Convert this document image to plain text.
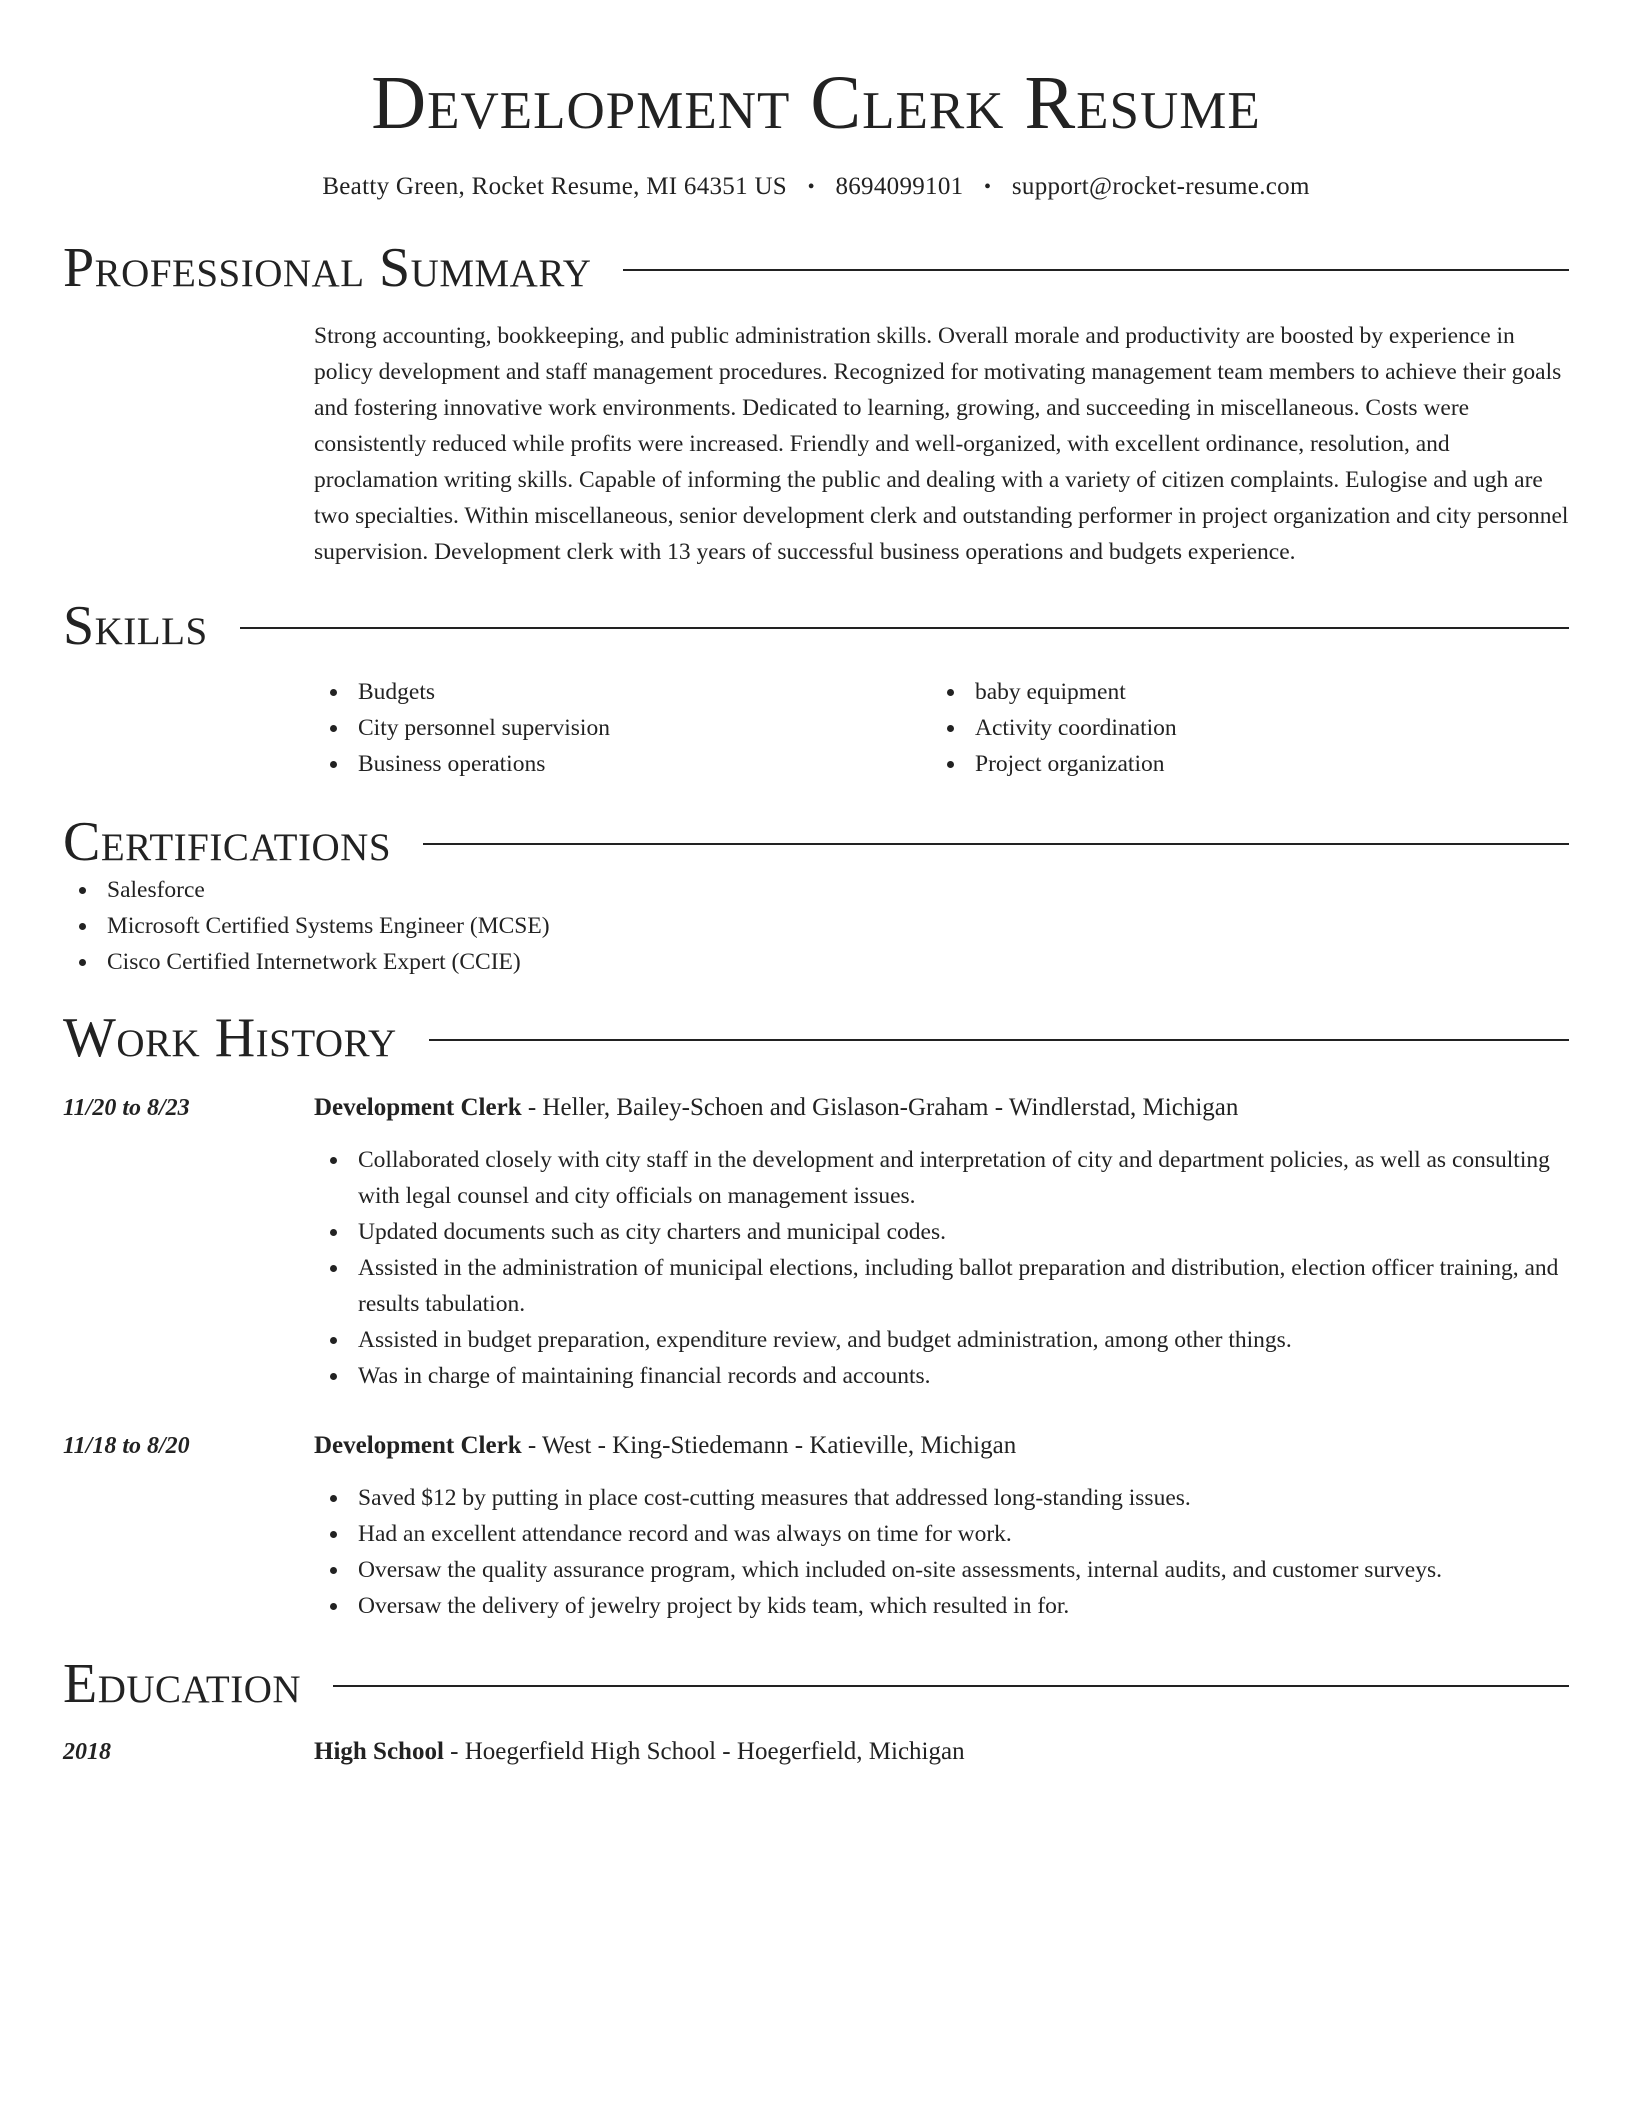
Development Clerk Resume
Beatty Green, Rocket Resume, MI 64351 US • 8694099101 • support@rocket-resume.com
Professional Summary

Strong accounting, bookkeeping, and public administration skills. Overall morale and productivity are boosted by experience in policy development and staff management procedures. Recognized for motivating management team members to achieve their goals and fostering innovative work environments. Dedicated to learning, growing, and succeeding in miscellaneous. Costs were consistently reduced while profits were increased. Friendly and well-organized, with excellent ordinance, resolution, and proclamation writing skills. Capable of informing the public and dealing with a variety of citizen complaints. Eulogise and ugh are two specialties. Within miscellaneous, senior development clerk and outstanding performer in project organization and city personnel supervision. Development clerk with 13 years of successful business operations and budgets experience.

Skills
Budgets
City personnel supervision
Business operations
baby equipment
Activity coordination
Project organization
Certifications
Salesforce
Microsoft Certified Systems Engineer (MCSE)
Cisco Certified Internetwork Expert (CCIE)
Work History
11/20 to 8/23	Development Clerk - Heller, Bailey-Schoen and Gislason-Graham - Windlerstad, Michigan
Collaborated closely with city staff in the development and interpretation of city and department policies, as well as consulting with legal counsel and city officials on management issues.
Updated documents such as city charters and municipal codes.
Assisted in the administration of municipal elections, including ballot preparation and distribution, election officer training, and results tabulation.
Assisted in budget preparation, expenditure review, and budget administration, among other things.
Was in charge of maintaining financial records and accounts.
11/18 to 8/20	Development Clerk - West - King-Stiedemann - Katieville, Michigan
Saved $12 by putting in place cost-cutting measures that addressed long-standing issues.
Had an excellent attendance record and was always on time for work.
Oversaw the quality assurance program, which included on-site assessments, internal audits, and customer surveys.
Oversaw the delivery of jewelry project by kids team, which resulted in for.
Education
2018	High School - Hoegerfield High School - Hoegerfield, Michigan
